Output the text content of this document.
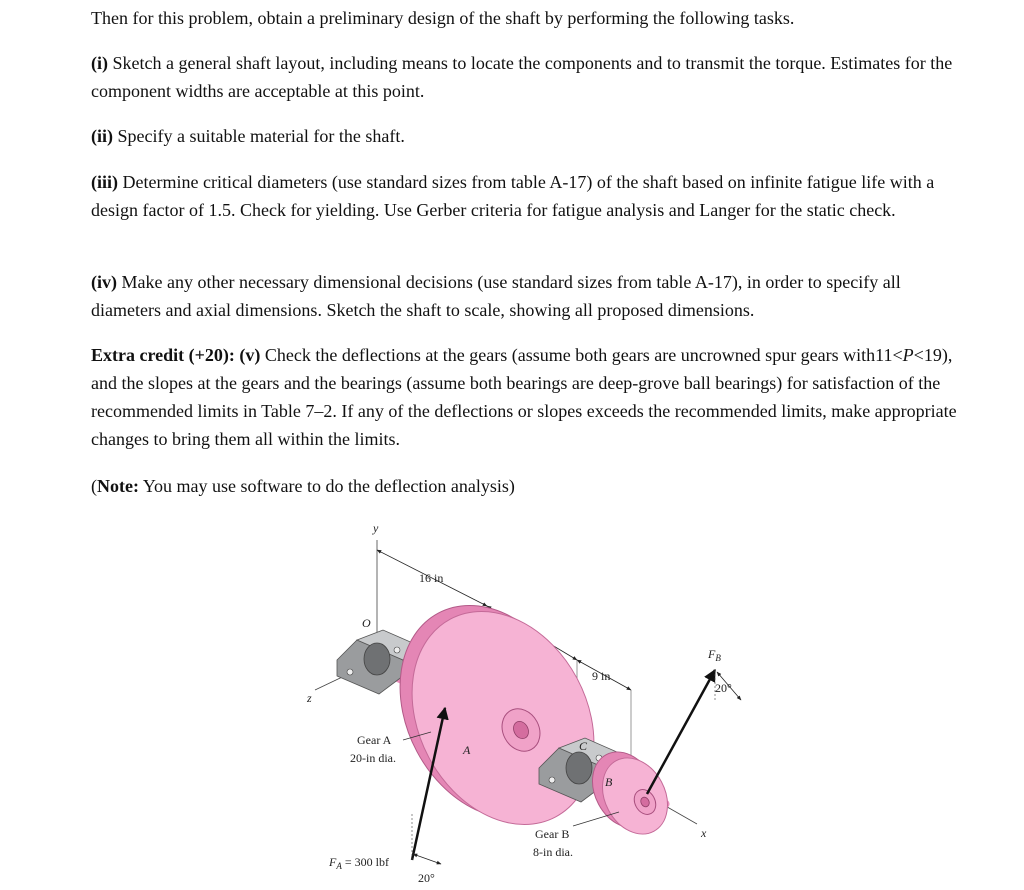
Then for this problem, obtain a preliminary design of the shaft by performing the following tasks.

(i) Sketch a general shaft layout, including means to locate the components and to transmit the torque. Estimates for the component widths are acceptable at this point.

(ii) Specify a suitable material for the shaft.

(iii) Determine critical diameters (use standard sizes from table A-17) of the shaft based on infinite fatigue life with a design factor of 1.5. Check for yielding. Use Gerber criteria for fatigue analysis and Langer for the static check.

(iv) Make any other necessary dimensional decisions (use standard sizes from table A-17), in order to specify all diameters and axial dimensions. Sketch the shaft to scale, showing all proposed dimensions.

Extra credit (+20): (v) Check the deflections at the gears (assume both gears are uncrowned spur gears with11<P<19), and the slopes at the gears and the bearings (assume both bearings are deep-grove ball bearings) for satisfaction of the recommended limits in Table 7–2. If any of the deflections or slopes exceeds the recommended limits, make appropriate changes to bring them all within the limits.

(Note: You may use software to do the deflection analysis)

y
z
x
O
16 in
9 in
A	C
B
20°
$F_A = 300$ lbf
20°
$F_B$
Gear A
20-in dia.
Gear B
8-in dia.
